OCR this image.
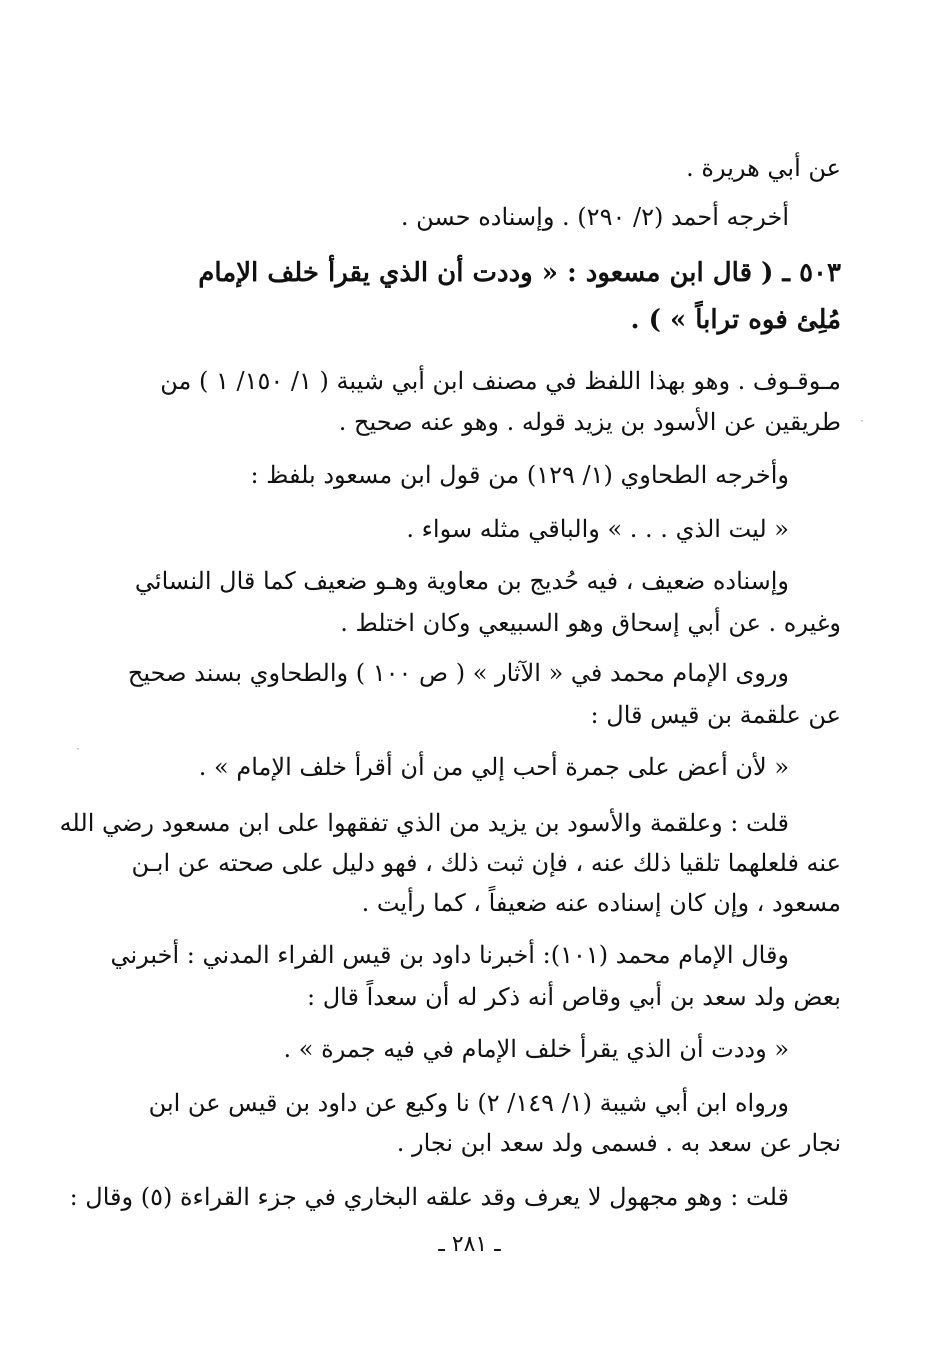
عن أبي هريرة .
أخرجه أحمد (٢/ ٢٩٠) . وإسناده حسن .
٥٠٣ ـ ( قال ابن مسعود : « وددت أن الذي يقرأ خلف الإمام
مُلِئ فوه تراباً » ) .
مـوقـوف . وهو بهذا اللفظ في مصنف ابن أبي شيبة ( ١/ ١٥٠/ ١ ) من
طريقين عن الأسود بن يزيد قوله . وهو عنه صحيح .
وأخرجه الطحاوي (١/ ١٢٩) من قول ابن مسعود بلفظ :
« ليت الذي . . . » والباقي مثله سواء .
وإسناده ضعيف ، فيه حُديج بن معاوية وهـو ضعيف كما قال النسائي
وغيره . عن أبي إسحاق وهو السبيعي وكان اختلط .
وروى الإمام محمد في « الآثار » ( ص ١٠٠ ) والطحاوي بسند صحيح
عن علقمة بن قيس قال :
« لأن أعض على جمرة أحب إلي من أن أقرأ خلف الإمام » .
قلت : وعلقمة والأسود بن يزيد من الذي تفقهوا على ابن مسعود رضي الله
عنه فلعلهما تلقيا ذلك عنه ، فإن ثبت ذلك ، فهو دليل على صحته عن ابـن
مسعود ، وإن كان إسناده عنه ضعيفاً ، كما رأيت .
وقال الإمام محمد (١٠١): أخبرنا داود بن قيس الفراء المدني : أخبرني
بعض ولد سعد بن أبي وقاص أنه ذكر له أن سعداً قال :
« وددت أن الذي يقرأ خلف الإمام في فيه جمرة » .
ورواه ابن أبي شيبة (١/ ١٤٩/ ٢) نا وكيع عن داود بن قيس عن ابن
نجار عن سعد به . فسمى ولد سعد ابن نجار .
قلت : وهو مجهول لا يعرف وقد علقه البخاري في جزء القراءة (٥) وقال :
ـ ٢٨١ ـ
·
·
